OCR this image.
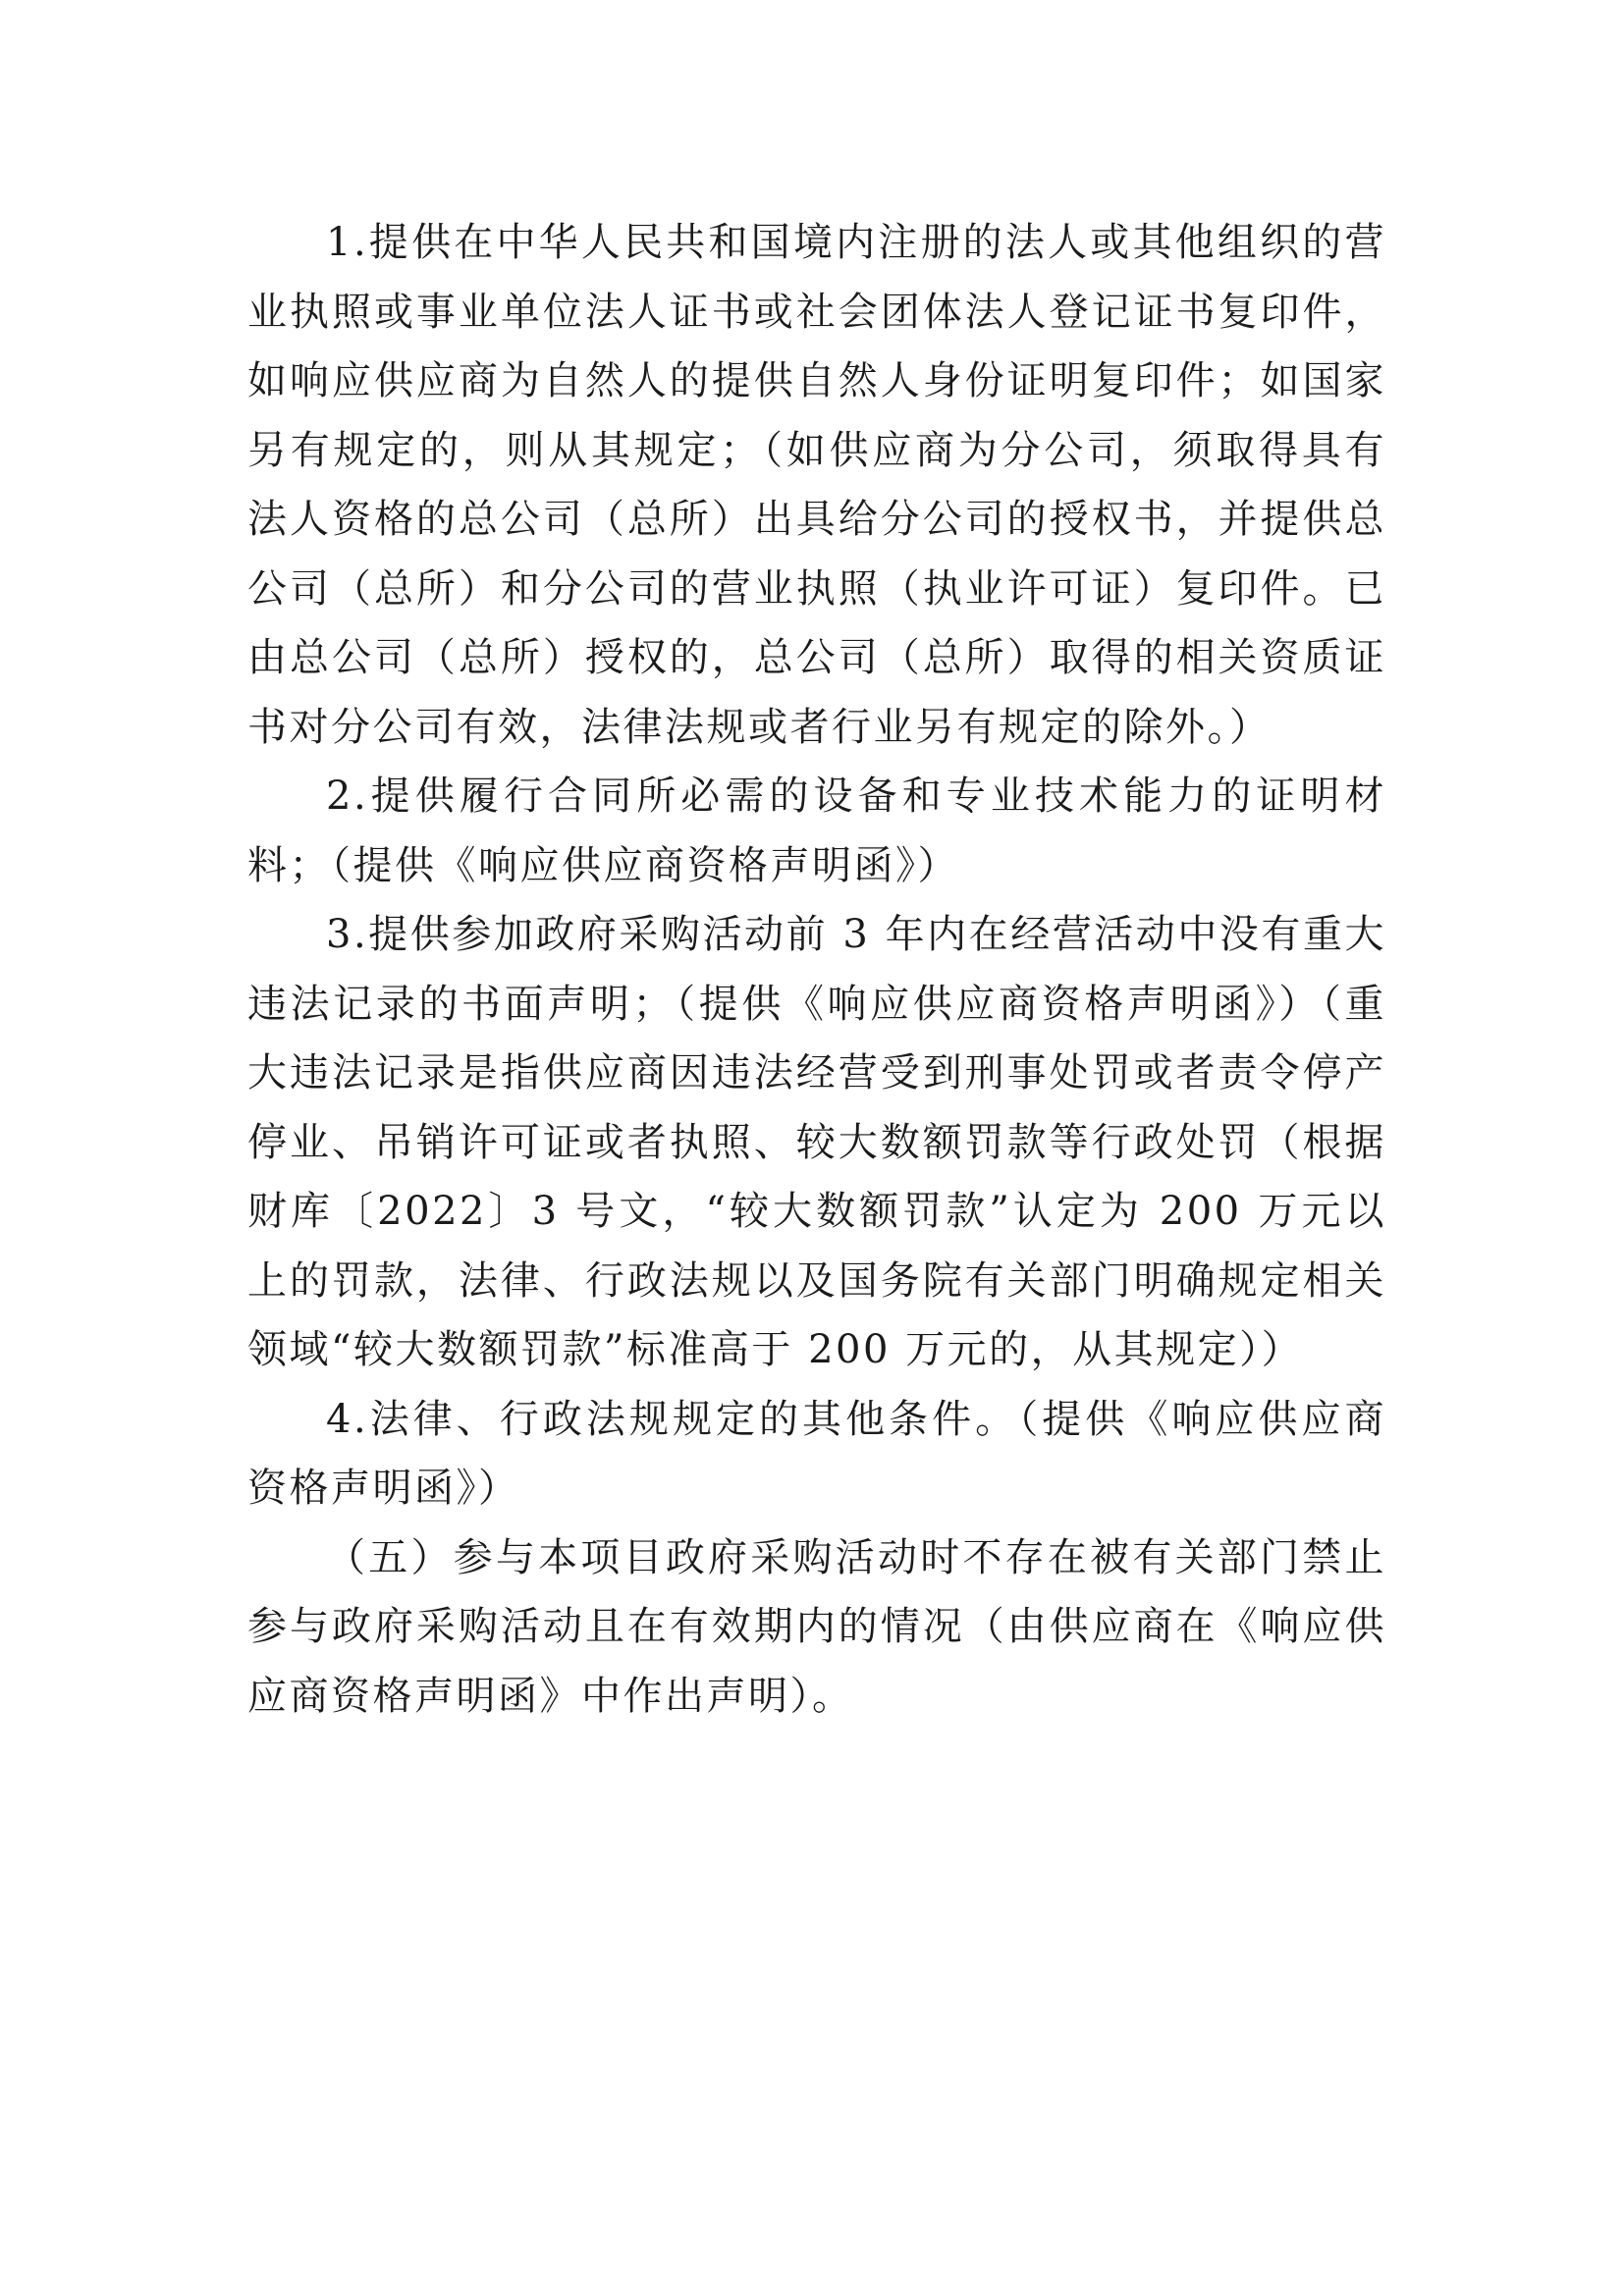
1.提供在中华人民共和国境内注册的法人或其他组织的营业执照或事业单位法人证书或社会团体法人登记证书复印件，如响应供应商为自然人的提供自然人身份证明复印件；如国家另有规定的，则从其规定；（如供应商为分公司，须取得具有法人资格的总公司（总所）出具给分公司的授权书，并提供总公司（总所）和分公司的营业执照（执业许可证）复印件。已由总公司（总所）授权的，总公司（总所）取得的相关资质证书对分公司有效，法律法规或者行业另有规定的除外。）

2.提供履行合同所必需的设备和专业技术能力的证明材料；（提供《响应供应商资格声明函》）

3.提供参加政府采购活动前 3 年内在经营活动中没有重大违法记录的书面声明；（提供《响应供应商资格声明函》）（重大违法记录是指供应商因违法经营受到刑事处罚或者责令停产停业、吊销许可证或者执照、较大数额罚款等行政处罚（根据财库〔2022〕3 号文，“较大数额罚款”认定为 200 万元以上的罚款，法律、行政法规以及国务院有关部门明确规定相关领域“较大数额罚款”标准高于 200 万元的，从其规定））

4.法律、行政法规规定的其他条件。（提供《响应供应商资格声明函》）

（五）参与本项目政府采购活动时不存在被有关部门禁止参与政府采购活动且在有效期内的情况（由供应商在《响应供应商资格声明函》中作出声明）。
